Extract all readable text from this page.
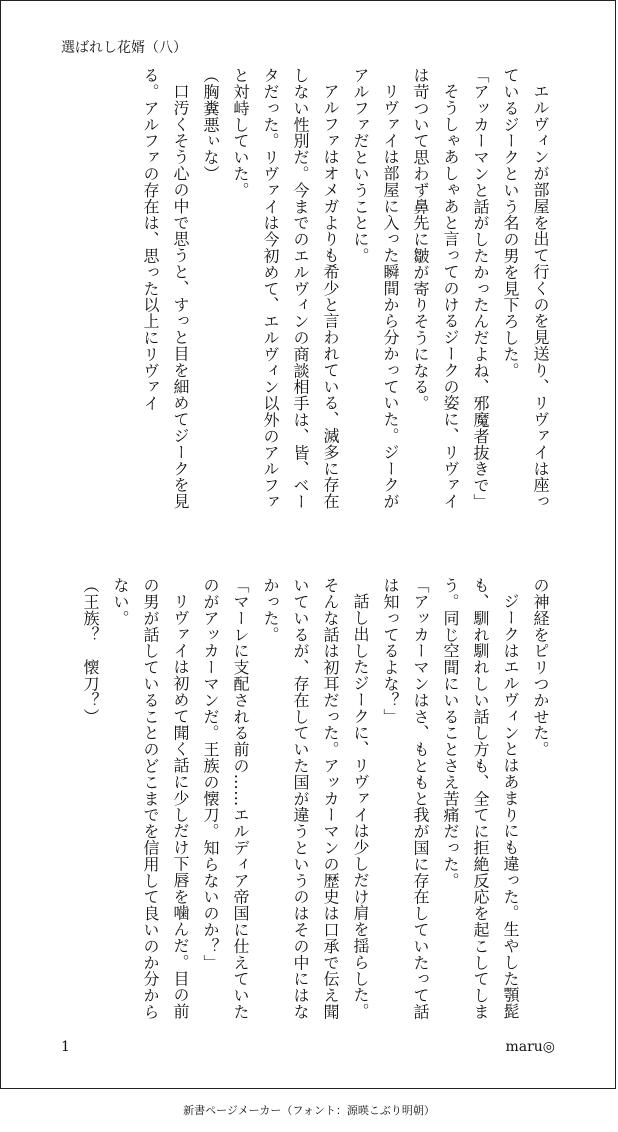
選ばれし花婿（八）

エルヴィンが部屋を出て行くのを見送り、リヴァイは座っているジークという名の男を見下ろした。

「アッカーマンと話がしたかったんだよね、邪魔者抜きで」

そうしゃあしゃあと言ってのけるジークの姿に、リヴァイは苛ついて思わず鼻先に皺が寄りそうになる。

リヴァイは部屋に入った瞬間から分かっていた。ジークがアルファだということに。

アルファはオメガよりも希少と言われている、滅多に存在しない性別だ。今までのエルヴィンの商談相手は、皆、ベータだった。リヴァイは今初めて、エルヴィン以外のアルファと対峙していた。

（胸糞悪ぃな）

口汚くそう心の中で思うと、すっと目を細めてジークを見る。アルファの存在は、思った以上にリヴァイ

の神経をピリつかせた。

ジークはエルヴィンとはあまりにも違った。生やした顎髭も、馴れ馴れしい話し方も、全てに拒絶反応を起こしてしまう。同じ空間にいることさえ苦痛だった。

「アッカーマンはさ、もともと我が国に存在していたって話は知ってるよな？」

話し出したジークに、リヴァイは少しだけ肩を揺らした。そんな話は初耳だった。アッカーマンの歴史は口承で伝え聞いているが、存在していた国が違うというのはその中にはなかった。

「マーレに支配される前の……エルディア帝国に仕えていたのがアッカーマンだ。王族の懐刀。知らないのか？」

リヴァイは初めて聞く話に少しだけ下唇を噛んだ。目の前の男が話していることのどこまでを信用して良いのか分からない。

（王族？　懐刀？）

1	maru◎
新書ページメーカー（フォント：源暎こぶり明朝）
